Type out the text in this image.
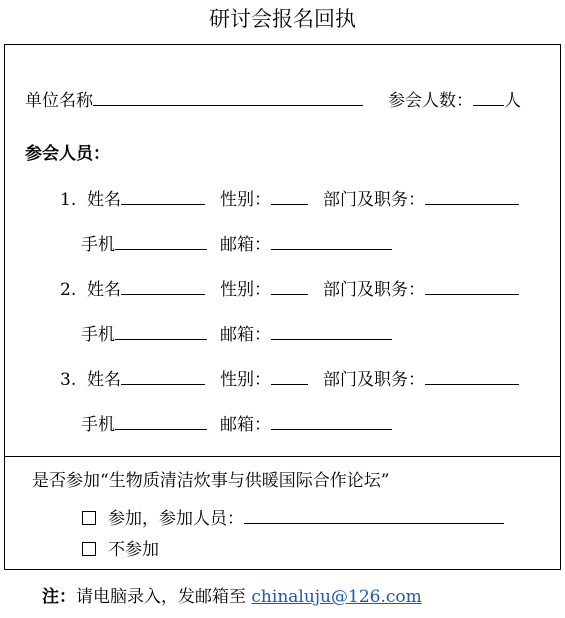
研讨会报名回执
单位名称	参会人数： 人
参会人员：
1. 姓名	性别：	部门及职务：
手机	邮箱：
2. 姓名	性别：	部门及职务：
手机	邮箱：
3. 姓名	性别：	部门及职务：
手机	邮箱：
是否参加“生物质清洁炊事与供暖国际合作论坛”
参加，参加人员：
不参加
注：请电脑录入，发邮箱至 chinaluju@126.com
